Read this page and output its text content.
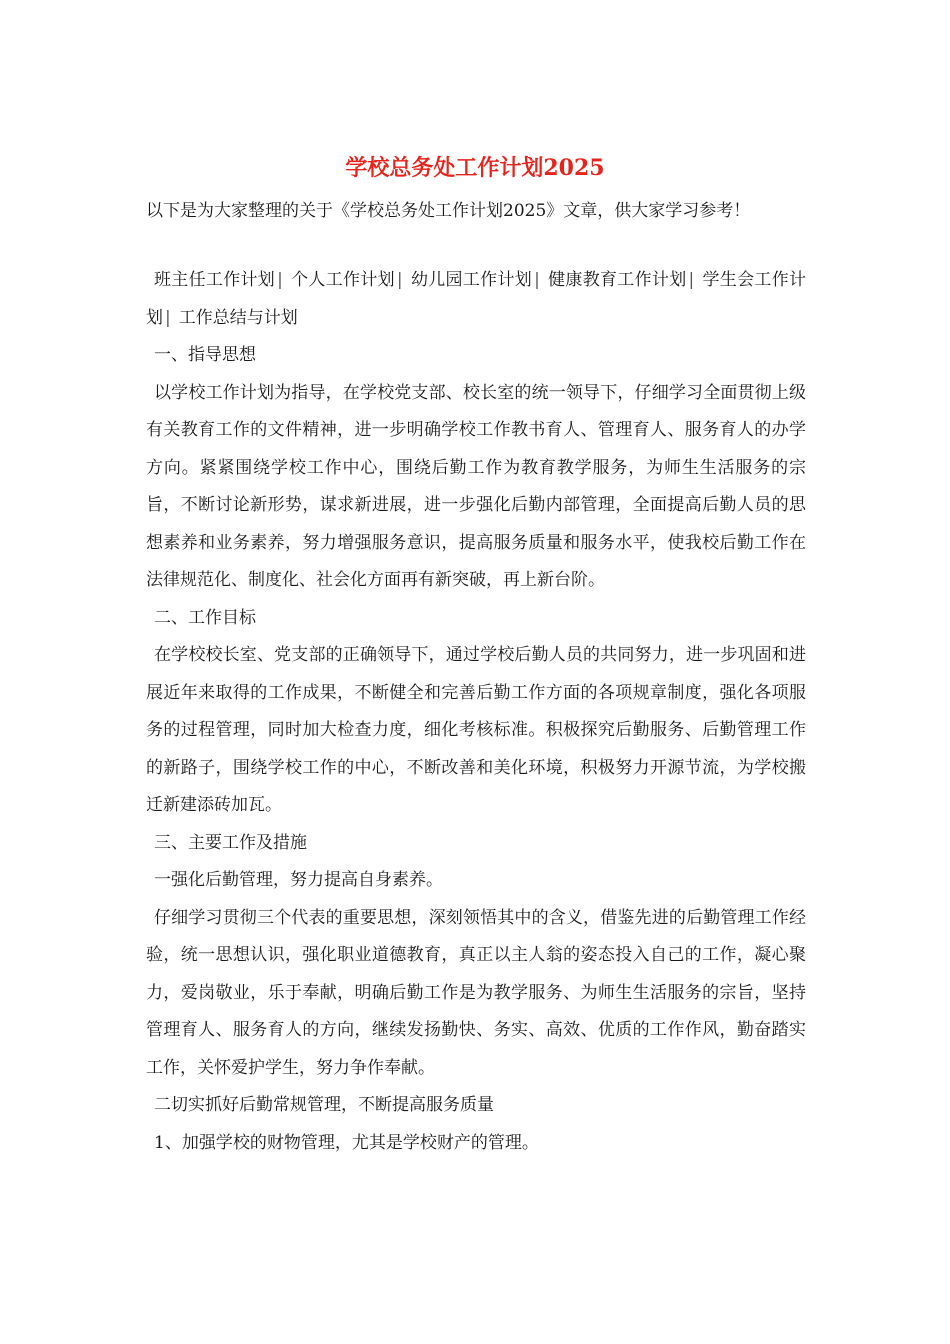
学校总务处工作计划2025

以下是为大家整理的关于《学校总务处工作计划2025》文章，供大家学习参考！

班主任工作计划 | 个人工作计划 | 幼儿园工作计划 | 健康教育工作计划 | 学生会工作计划 | 工作总结与计划

一、指导思想

以学校工作计划为指导，在学校党支部、校长室的统一领导下，仔细学习全面贯彻上级有关教育工作的文件精神，进一步明确学校工作教书育人、管理育人、服务育人的办学方向。紧紧围绕学校工作中心，围绕后勤工作为教育教学服务，为师生生活服务的宗旨，不断讨论新形势，谋求新进展，进一步强化后勤内部管理，全面提高后勤人员的思想素养和业务素养，努力增强服务意识，提高服务质量和服务水平，使我校后勤工作在法律规范化、制度化、社会化方面再有新突破，再上新台阶。

二、工作目标

在学校校长室、党支部的正确领导下，通过学校后勤人员的共同努力，进一步巩固和进展近年来取得的工作成果，不断健全和完善后勤工作方面的各项规章制度，强化各项服务的过程管理，同时加大检查力度，细化考核标准。积极探究后勤服务、后勤管理工作的新路子，围绕学校工作的中心，不断改善和美化环境，积极努力开源节流，为学校搬迁新建添砖加瓦。

三、主要工作及措施

一强化后勤管理，努力提高自身素养。

仔细学习贯彻三个代表的重要思想，深刻领悟其中的含义，借鉴先进的后勤管理工作经验，统一思想认识，强化职业道德教育，真正以主人翁的姿态投入自己的工作，凝心聚力，爱岗敬业，乐于奉献，明确后勤工作是为教学服务、为师生生活服务的宗旨，坚持管理育人、服务育人的方向，继续发扬勤快、务实、高效、优质的工作作风，勤奋踏实工作，关怀爱护学生，努力争作奉献。

二切实抓好后勤常规管理，不断提高服务质量

1、加强学校的财物管理，尤其是学校财产的管理。
